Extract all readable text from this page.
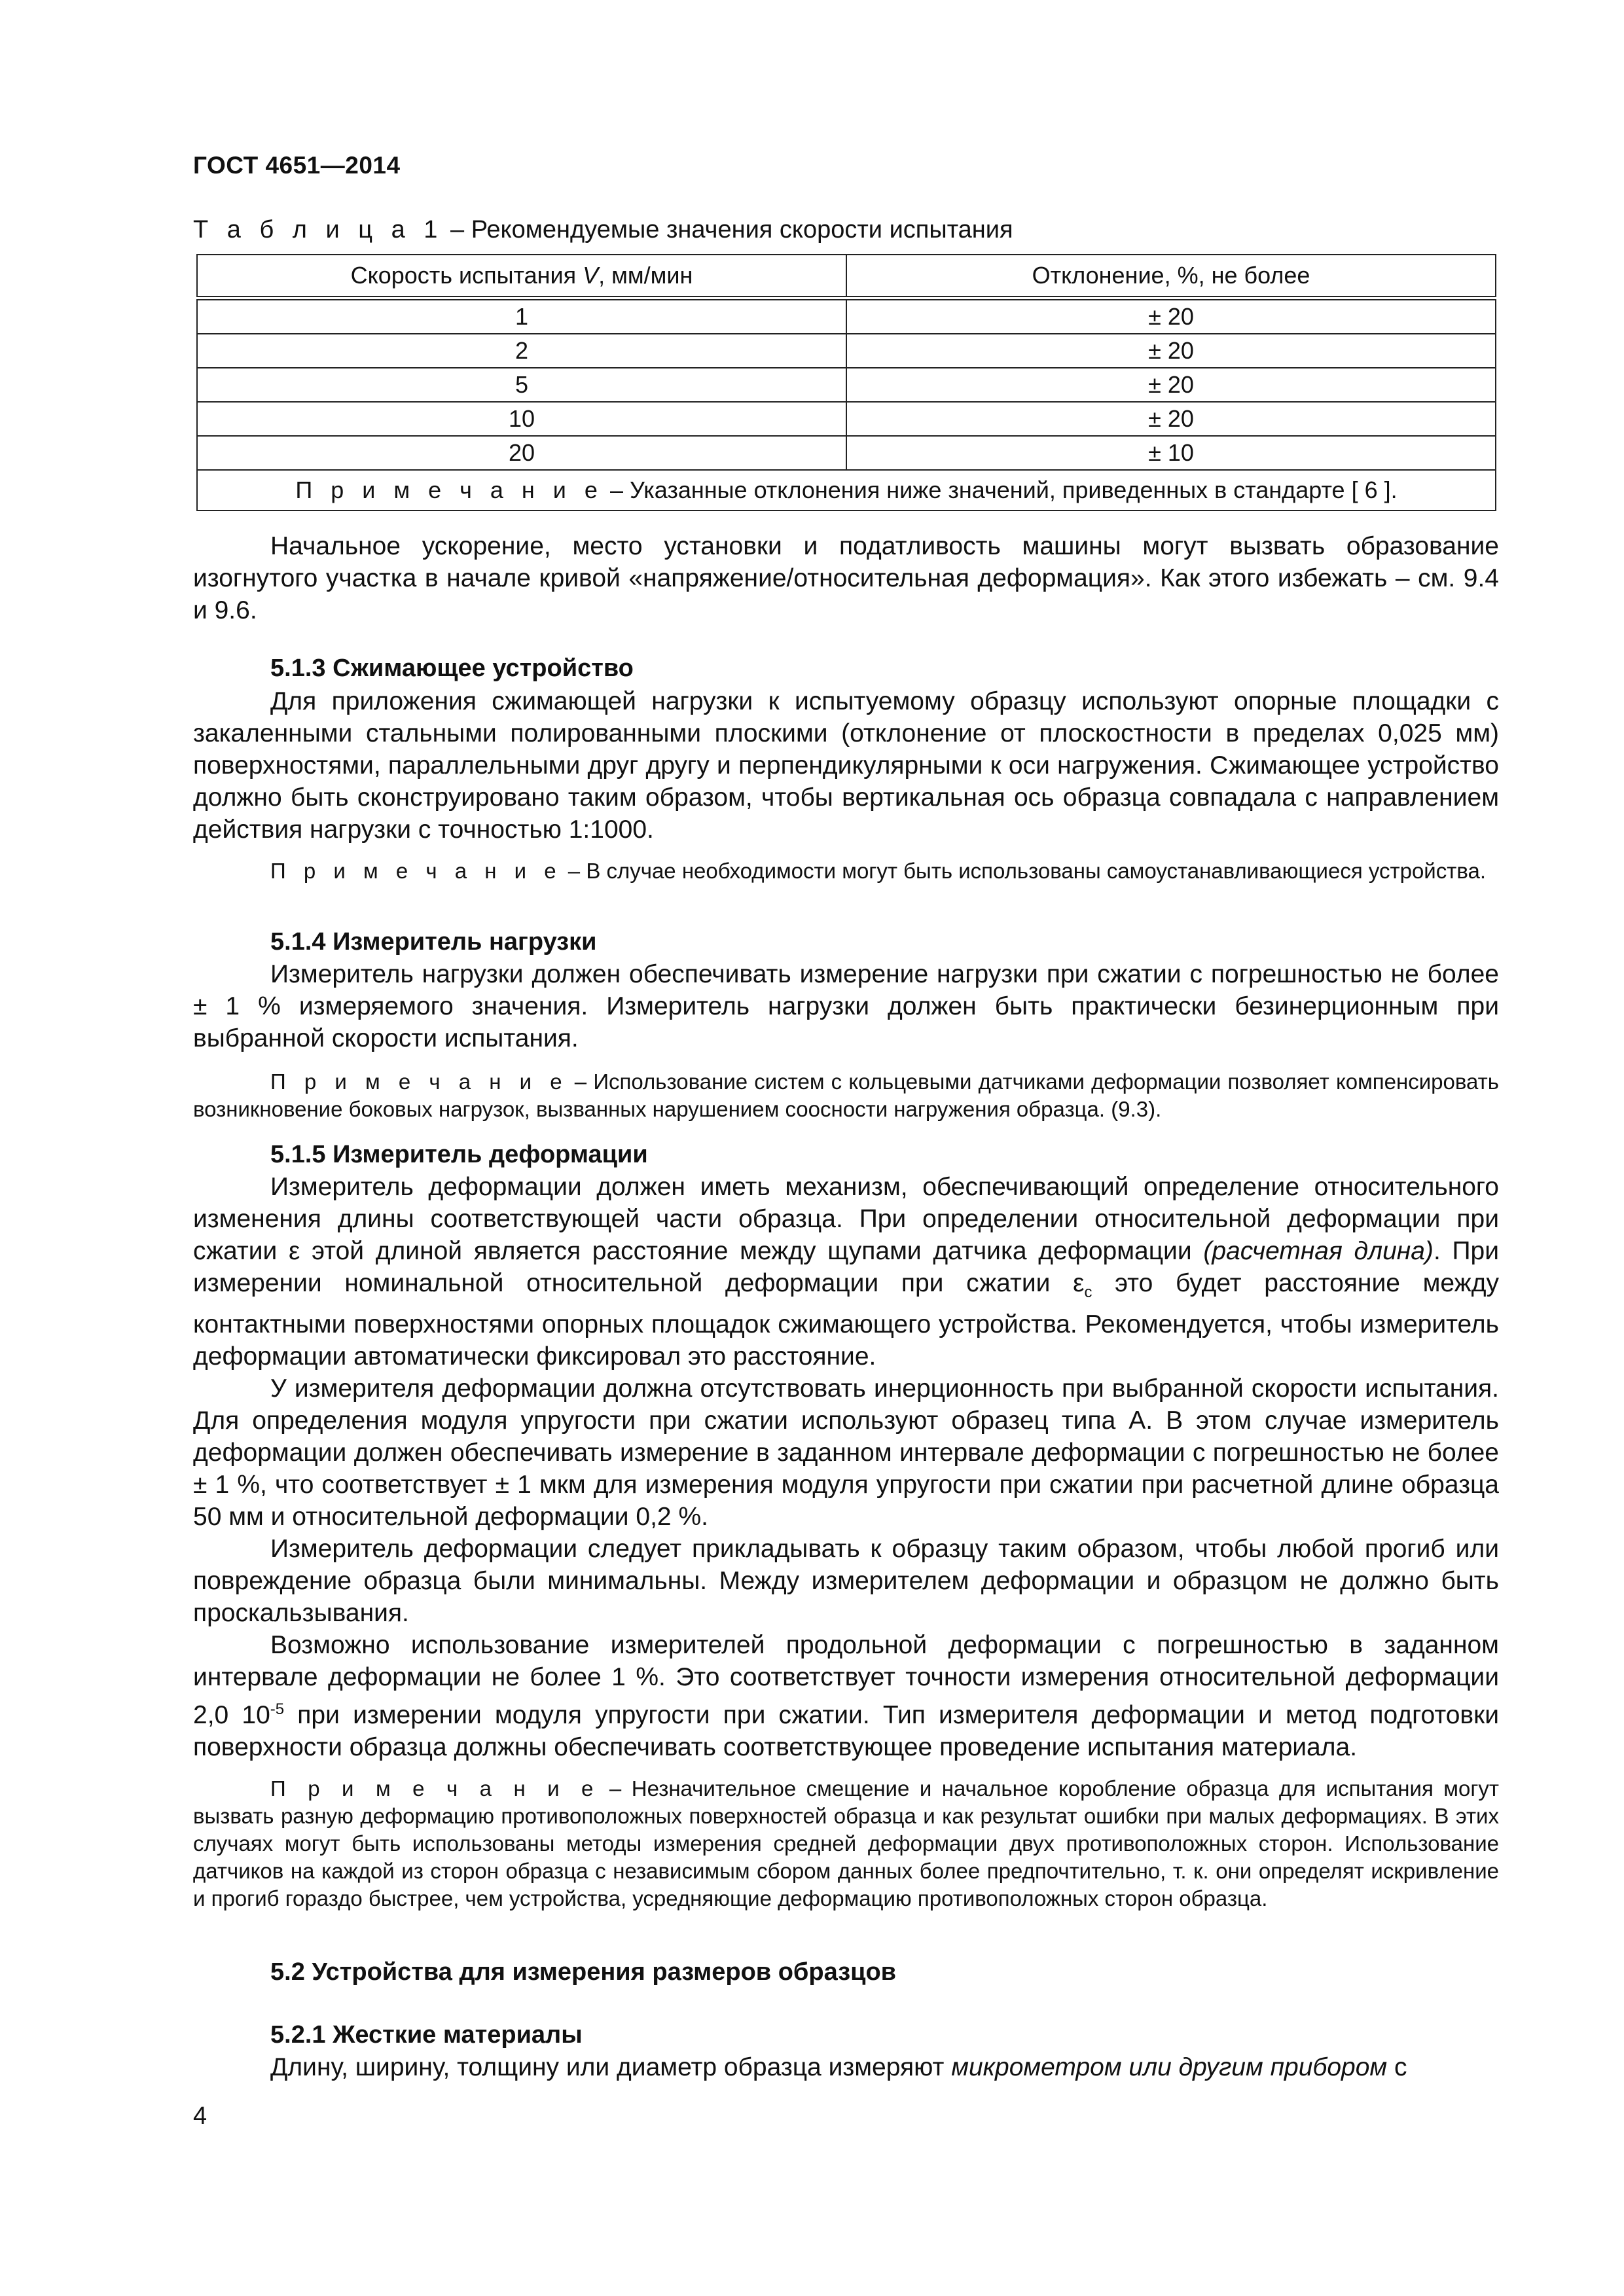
ГОСТ 4651—2014
Т а б л и ц а 1 – Рекомендуемые значения скорости испытания
Скорость испытания V, мм/мин	Отклонение, %, не более
1	± 20
2	± 20
5	± 20
10	± 20
20	± 10
П р и м е ч а н и е – Указанные отклонения ниже значений, приведенных в стандарте [ 6 ].	

Начальное ускорение, место установки и податливость машины могут вызвать образование изогнутого участка в начале кривой «напряжение/относительная деформация». Как этого избежать – см. 9.4 и 9.6.

5.1.3 Сжимающее устройство

Для приложения сжимающей нагрузки к испытуемому образцу используют опорные площадки с закаленными стальными полированными плоскими (отклонение от плоскостности в пределах 0,025 мм) поверхностями, параллельными друг другу и перпендикулярными к оси нагружения. Сжимающее устройство должно быть сконструировано таким образом, чтобы вертикальная ось образца совпадала с направлением действия нагрузки с точностью 1:1000.

П р и м е ч а н и е – В случае необходимости могут быть использованы самоустанавливающиеся устройства.

5.1.4 Измеритель нагрузки

Измеритель нагрузки должен обеспечивать измерение нагрузки при сжатии с погрешностью не более ± 1 % измеряемого значения. Измеритель нагрузки должен быть практически безинерционным при выбранной скорости испытания.

П р и м е ч а н и е – Использование систем с кольцевыми датчиками деформации позволяет компенсировать возникновение боковых нагрузок, вызванных нарушением соосности нагружения образца. (9.3).

5.1.5 Измеритель деформации

Измеритель деформации должен иметь механизм, обеспечивающий определение относительного изменения длины соответствующей части образца. При определении относительной деформации при сжатии ε этой длиной является расстояние между щупами датчика деформации (расчетная длина). При измерении номинальной относительной деформации при сжатии $\varepsilon_c$ это будет расстояние между контактными поверхностями опорных площадок сжимающего устройства. Рекомендуется, чтобы измеритель деформации автоматически фиксировал это расстояние.

У измерителя деформации должна отсутствовать инерционность при выбранной скорости испытания. Для определения модуля упругости при сжатии используют образец типа А. В этом случае измеритель деформации должен обеспечивать измерение в заданном интервале деформации с погрешностью не более ± 1 %, что соответствует ± 1 мкм для измерения модуля упругости при сжатии при расчетной длине образца 50 мм и относительной деформации 0,2 %.

Измеритель деформации следует прикладывать к образцу таким образом, чтобы любой прогиб или повреждение образца были минимальны. Между измерителем деформации и образцом не должно быть проскальзывания.

Возможно использование измерителей продольной деформации с погрешностью в заданном интервале деформации не более 1 %. Это соответствует точности измерения относительной деформации 2,0 $10^{-5}$ при измерении модуля упругости при сжатии. Тип измерителя деформации и метод подготовки поверхности образца должны обеспечивать соответствующее проведение испытания материала.

П р и м е ч а н и е – Незначительное смещение и начальное коробление образца для испытания могут вызвать разную деформацию противоположных поверхностей образца и как результат ошибки при малых деформациях. В этих случаях могут быть использованы методы измерения средней деформации двух противоположных сторон. Использование датчиков на каждой из сторон образца с независимым сбором данных более предпочтительно, т. к. они определят искривление и прогиб гораздо быстрее, чем устройства, усредняющие деформацию противоположных сторон образца.

5.2 Устройства для измерения размеров образцов
5.2.1 Жесткие материалы

Длину, ширину, толщину или диаметр образца измеряют микрометром или другим прибором с

4
